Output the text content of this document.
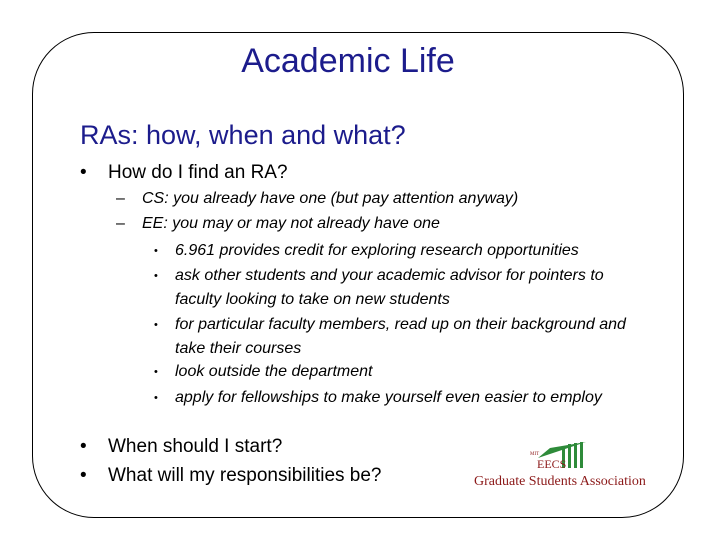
Academic Life
RAs: how, when and what?
• How do I find an RA?
– CS: you already have one (but pay attention anyway)
– EE: you may or may not already have one
• 6.961 provides credit for exploring research opportunities
• ask other students and your academic advisor for pointers to faculty looking to take on new students
• for particular faculty members, read up on their background and take their courses
• look outside the department
• apply for fellowships to make yourself even easier to employ
• When should I start?
• What will my responsibilities be?
MIT
EECS
Graduate Students Association
